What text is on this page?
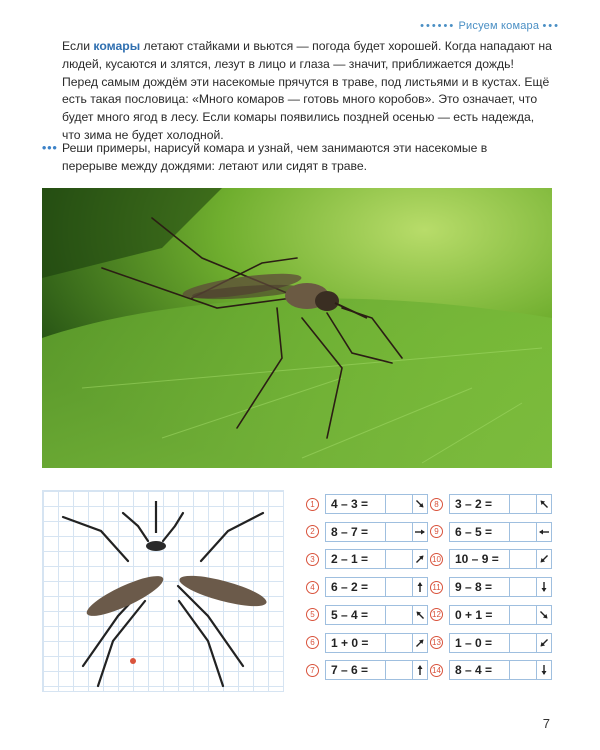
•••••• Рисуем комара •••
Если комары летают стайками и вьются — погода будет хорошей. Когда нападают на людей, кусаются и злятся, лезут в лицо и глаза — значит, приближается дождь! Перед самым дождём эти насекомые прячутся в траве, под листьями и в кустах. Ещё есть такая пословица: «Много комаров — готовь много коробов». Это означает, что будет много ягод в лесу. Если комары появились поздней осенью — есть надежда, что зима не будет холодной.
••• Реши примеры, нарисуй комара и узнай, чем занимаются эти насекомые в перерыве между дождями: летают или сидят в траве.
1	4 – 3 =
2	8 – 7 =
3	2 – 1 =
4	6 – 2 =
5	5 – 4 =
6	1 + 0 =
7	7 – 6 =
8	3 – 2 =
9	6 – 5 =
10	10 – 9 =
11	9 – 8 =
12	0 + 1 =
13	1 – 0 =
14	8 – 4 =
7
